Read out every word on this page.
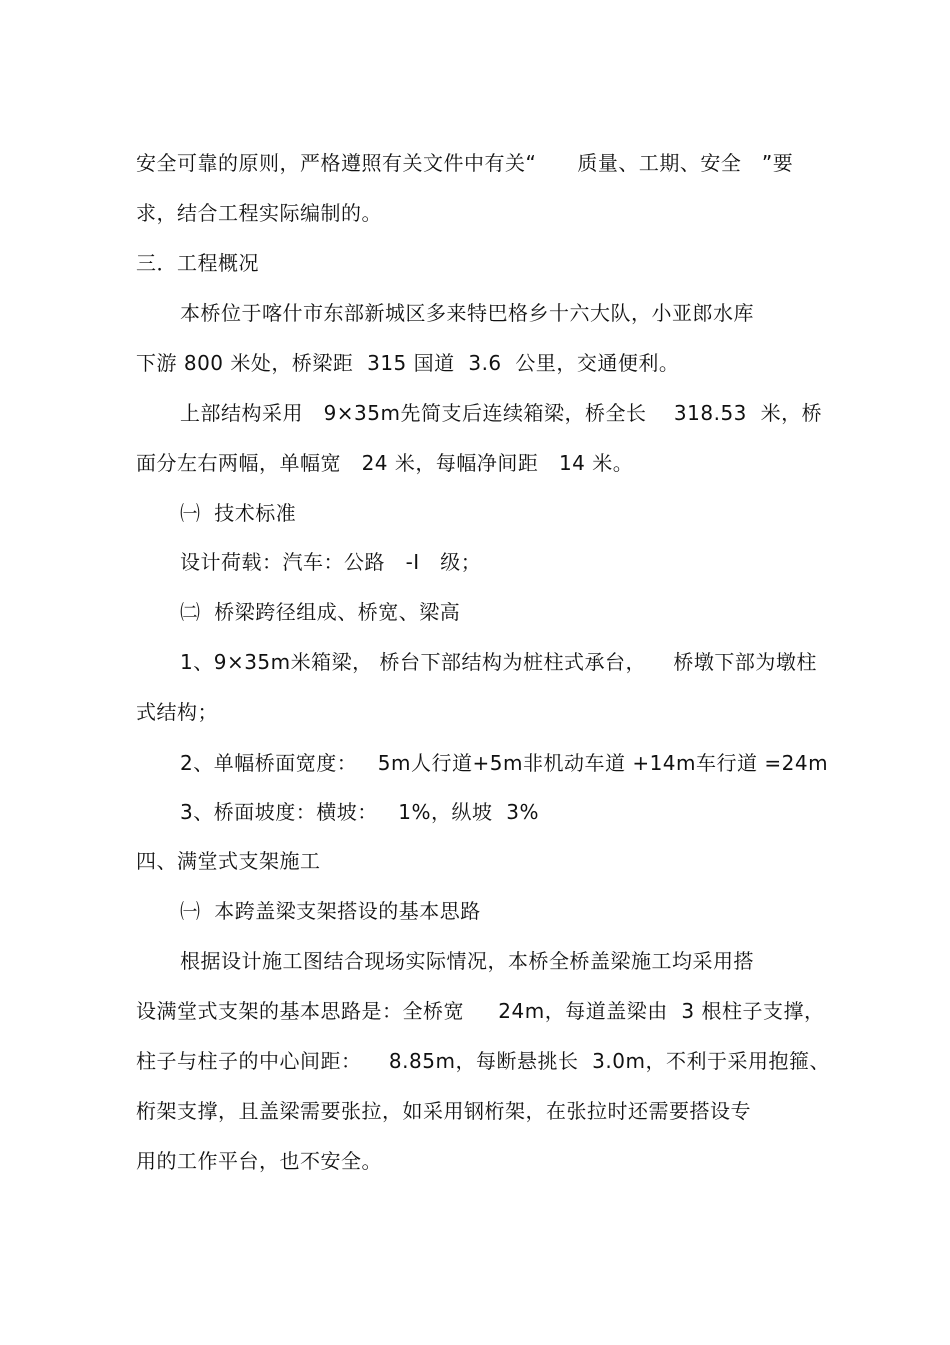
安全可靠的原则，严格遵照有关文件中有关“　　质量、工期、安全　”要
求，结合工程实际编制的。
三．工程概况
本桥位于喀什市东部新城区多来特巴格乡十六大队，小亚郎水库
下游 800 米处，桥梁距  315 国道  3.6  公里，交通便利。
上部结构采用   9×35m先简支后连续箱梁，桥全长    318.53  米，桥
面分左右两幅，单幅宽   24 米，每幅净间距   14 米。
㈠  技术标准
设计荷载：汽车：公路   -I   级；
㈡  桥梁跨径组成、桥宽、梁高
1、9×35m米箱梁， 桥台下部结构为桩柱式承台，    桥墩下部为墩柱
式结构；
2、单幅桥面宽度：   5m人行道+5m非机动车道 +14m车行道 =24m
3、桥面坡度：横坡：   1%，纵坡  3%
四、满堂式支架施工
㈠  本跨盖梁支架搭设的基本思路
根据设计施工图结合现场实际情况，本桥全桥盖梁施工均采用搭
设满堂式支架的基本思路是：全桥宽     24m，每道盖梁由  3 根柱子支撑，
柱子与柱子的中心间距：    8.85m，每断悬挑长  3.0m，不利于采用抱箍、
桁架支撑，且盖梁需要张拉，如采用钢桁架，在张拉时还需要搭设专
用的工作平台，也不安全。
